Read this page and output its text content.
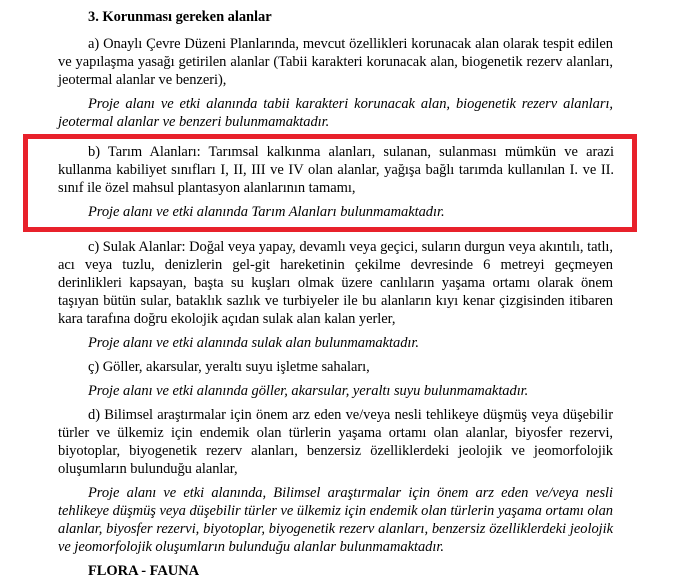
3. Korunması gereken alanlar

a) Onaylı Çevre Düzeni Planlarında, mevcut özellikleri korunacak alan olarak tespit edilen ve yapılaşma yasağı getirilen alanlar (Tabii karakteri korunacak alan, biogenetik rezerv alanları, jeotermal alanlar ve benzeri),

Proje alanı ve etki alanında tabii karakteri korunacak alan, biogenetik rezerv alanları, jeotermal alanlar ve benzeri bulunmamaktadır.

b) Tarım Alanları: Tarımsal kalkınma alanları, sulanan, sulanması mümkün ve arazi kullanma kabiliyet sınıfları I, II, III ve IV olan alanlar, yağışa bağlı tarımda kullanılan I. ve II. sınıf ile özel mahsul plantasyon alanlarının tamamı,

Proje alanı ve etki alanında Tarım Alanları bulunmamaktadır.

c) Sulak Alanlar: Doğal veya yapay, devamlı veya geçici, suların durgun veya akıntılı, tatlı, acı veya tuzlu, denizlerin gel-git hareketinin çekilme devresinde 6 metreyi geçmeyen derinlikleri kapsayan, başta su kuşları olmak üzere canlıların yaşama ortamı olarak önem taşıyan bütün sular, bataklık sazlık ve turbiyeler ile bu alanların kıyı kenar çizgisinden itibaren kara tarafına doğru ekolojik açıdan sulak alan kalan yerler,

Proje alanı ve etki alanında sulak alan bulunmamaktadır.

ç) Göller, akarsular, yeraltı suyu işletme sahaları,

Proje alanı ve etki alanında göller, akarsular, yeraltı suyu bulunmamaktadır.

d) Bilimsel araştırmalar için önem arz eden ve/veya nesli tehlikeye düşmüş veya düşebilir türler ve ülkemiz için endemik olan türlerin yaşama ortamı olan alanlar, biyosfer rezervi, biyotoplar, biyogenetik rezerv alanları, benzersiz özelliklerdeki jeolojik ve jeomorfolojik oluşumların bulunduğu alanlar,

Proje alanı ve etki alanında, Bilimsel araştırmalar için önem arz eden ve/veya nesli tehlikeye düşmüş veya düşebilir türler ve ülkemiz için endemik olan türlerin yaşama ortamı olan alanlar, biyosfer rezervi, biyotoplar, biyogenetik rezerv alanları, benzersiz özelliklerdeki jeolojik ve jeomorfolojik oluşumların bulunduğu alanlar bulunmamaktadır.

FLORA - FAUNA
